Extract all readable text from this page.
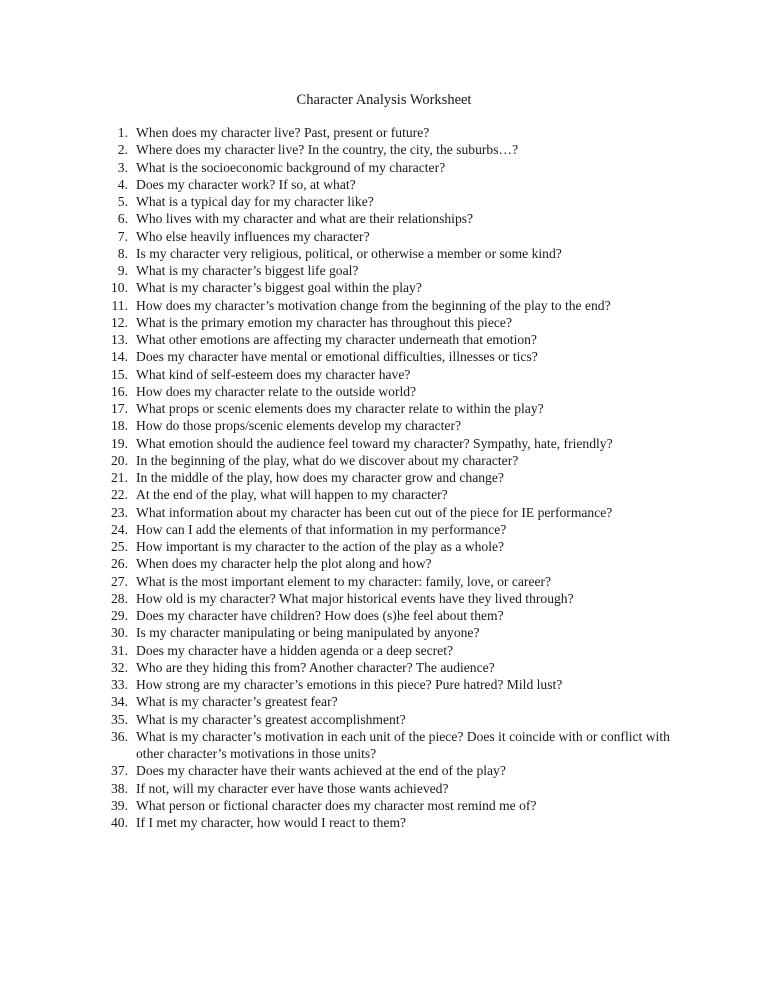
Character Analysis Worksheet
1. When does my character live? Past, present or future?
2. Where does my character live? In the country, the city, the suburbs…?
3. What is the socioeconomic background of my character?
4. Does my character work? If so, at what?
5. What is a typical day for my character like?
6. Who lives with my character and what are their relationships?
7. Who else heavily influences my character?
8. Is my character very religious, political, or otherwise a member or some kind?
9. What is my character’s biggest life goal?
10. What is my character’s biggest goal within the play?
11. How does my character’s motivation change from the beginning of the play to the end?
12. What is the primary emotion my character has throughout this piece?
13. What other emotions are affecting my character underneath that emotion?
14. Does my character have mental or emotional difficulties, illnesses or tics?
15. What kind of self-esteem does my character have?
16. How does my character relate to the outside world?
17. What props or scenic elements does my character relate to within the play?
18. How do those props/scenic elements develop my character?
19. What emotion should the audience feel toward my character? Sympathy, hate, friendly?
20. In the beginning of the play, what do we discover about my character?
21. In the middle of the play, how does my character grow and change?
22. At the end of the play, what will happen to my character?
23. What information about my character has been cut out of the piece for IE performance?
24. How can I add the elements of that information in my performance?
25. How important is my character to the action of the play as a whole?
26. When does my character help the plot along and how?
27. What is the most important element to my character: family, love, or career?
28. How old is my character? What major historical events have they lived through?
29. Does my character have children? How does (s)he feel about them?
30. Is my character manipulating or being manipulated by anyone?
31. Does my character have a hidden agenda or a deep secret?
32. Who are they hiding this from? Another character? The audience?
33. How strong are my character’s emotions in this piece? Pure hatred? Mild lust?
34. What is my character’s greatest fear?
35. What is my character’s greatest accomplishment?
36. What is my character’s motivation in each unit of the piece? Does it coincide with or conflict with other character’s motivations in those units?
37. Does my character have their wants achieved at the end of the play?
38. If not, will my character ever have those wants achieved?
39. What person or fictional character does my character most remind me of?
40. If I met my character, how would I react to them?
